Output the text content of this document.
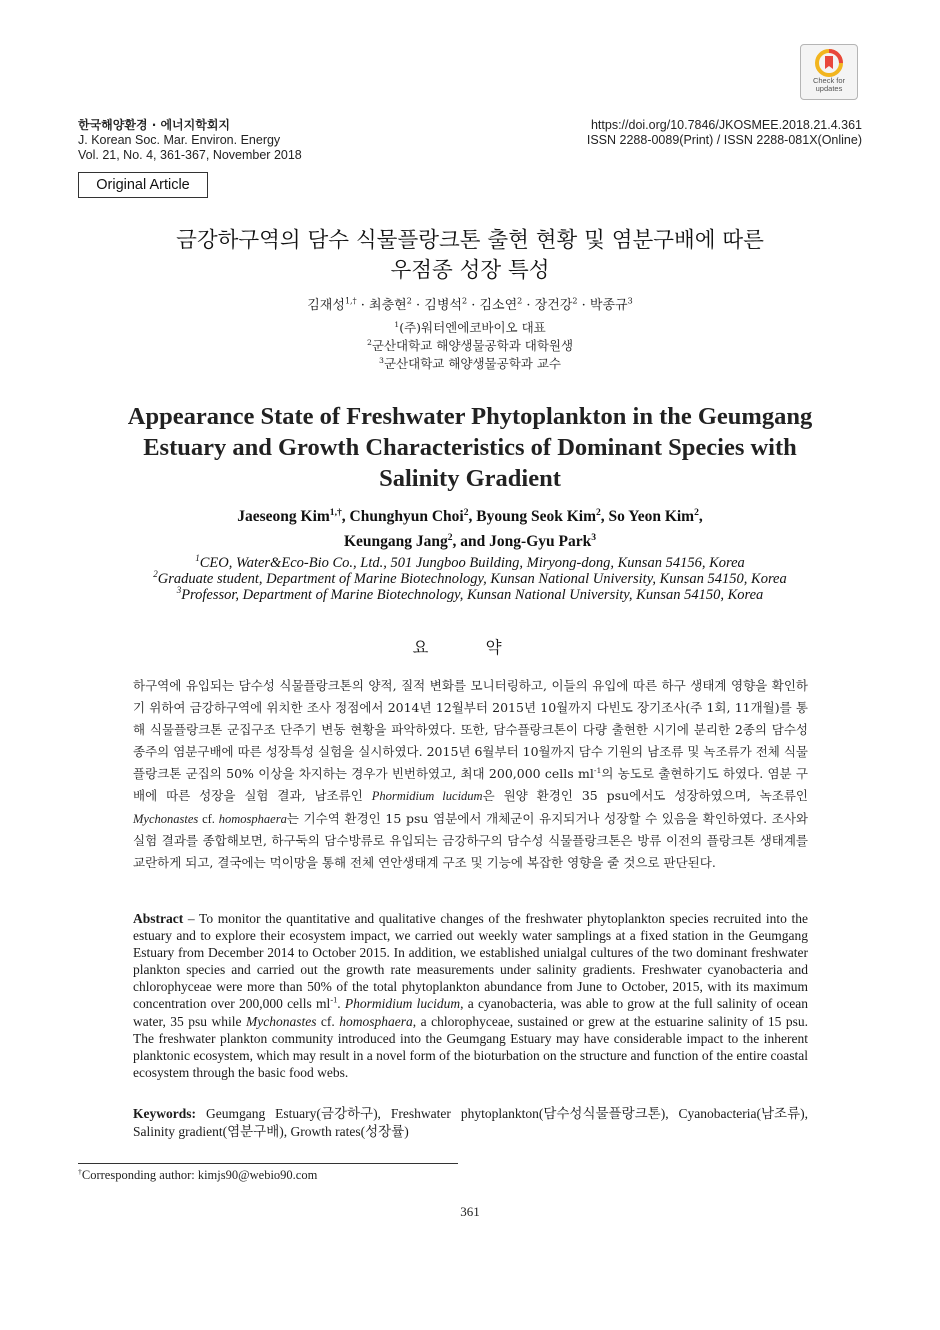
Check for
updates
한국해양환경 · 에너지학회지
J. Korean Soc. Mar. Environ. Energy
Vol. 21, No. 4, 361-367, November 2018
https://doi.org/10.7846/JKOSMEE.2018.21.4.361
ISSN 2288-0089(Print) / ISSN 2288-081X(Online)
Original Article
금강하구역의 담수 식물플랑크톤 출현 현황 및 염분구배에 따른
우점종 성장 특성
김재성$^{1,\dagger}$ · 최충현$^2$ · 김병석$^2$ · 김소연$^2$ · 장건강$^2$ · 박종규$^3$
$^1$(주)워터엔에코바이오 대표
$^2$군산대학교 해양생물공학과 대학원생
$^3$군산대학교 해양생물공학과 교수
Appearance State of Freshwater Phytoplankton in the Geumgang
Estuary and Growth Characteristics of Dominant Species with
Salinity Gradient
Jaeseong Kim$^{1,\dagger}$, Chunghyun Choi$^2$, Byoung Seok Kim$^2$, So Yeon Kim$^2$,
Keungang Jang$^2$, and Jong-Gyu Park$^3$
$^1$CEO, Water&Eco-Bio Co., Ltd., 501 Jungboo Building, Miryong-dong, Kunsan 54156, Korea
$^2$Graduate student, Department of Marine Biotechnology, Kunsan National University, Kunsan 54150, Korea
$^3$Professor, Department of Marine Biotechnology, Kunsan National University, Kunsan 54150, Korea
요 약
하구역에 유입되는 담수성 식물플랑크톤의 양적, 질적 변화를 모니터링하고, 이들의 유입에 따른 하구 생태계 영향을 확인하기 위하여 금강하구역에 위치한 조사 정점에서 2014년 12월부터 2015년 10월까지 다빈도 장기조사(주 1회, 11개월)를 통해 식물플랑크톤 군집구조 단주기 변동 현황을 파악하였다. 또한, 담수플랑크톤이 다량 출현한 시기에 분리한 2종의 담수성 종주의 염분구배에 따른 성장특성 실험을 실시하였다. 2015년 6월부터 10월까지 담수 기원의 남조류 및 녹조류가 전체 식물플랑크톤 군집의 50% 이상을 차지하는 경우가 빈번하였고, 최대 200,000 cells $ml^{-1}$의 농도로 출현하기도 하였다. 염분 구배에 따른 성장을 실험 결과, 남조류인 Phormidium lucidum은 원양 환경인 35 psu에서도 성장하였으며, 녹조류인 Mychonastes cf. homosphaera는 기수역 환경인 15 psu 염분에서 개체군이 유지되거나 성장할 수 있음을 확인하였다. 조사와 실험 결과를 종합해보면, 하구둑의 담수방류로 유입되는 금강하구의 담수성 식물플랑크톤은 방류 이전의 플랑크톤 생태계를 교란하게 되고, 결국에는 먹이망을 통해 전체 연안생태계 구조 및 기능에 복잡한 영향을 줄 것으로 판단된다.
Abstract – To monitor the quantitative and qualitative changes of the freshwater phytoplankton species recruited into the estuary and to explore their ecosystem impact, we carried out weekly water samplings at a fixed station in the Geumgang Estuary from December 2014 to October 2015. In addition, we established unialgal cultures of the two dominant freshwater plankton species and carried out the growth rate measurements under salinity gradients. Freshwater cyanobacteria and chlorophyceae were more than 50% of the total phytoplankton abundance from June to October, 2015, with its maximum concentration over 200,000 cells $ml^{-1}$. Phormidium lucidum, a cyanobacteria, was able to grow at the full salinity of ocean water, 35 psu while Mychonastes cf. homosphaera, a chlorophyceae, sustained or grew at the estuarine salinity of 15 psu. The freshwater plankton community introduced into the Geumgang Estuary may have considerable impact to the inherent planktonic ecosystem, which may result in a novel form of the bioturbation on the structure and function of the entire coastal ecosystem through the basic food webs.
Keywords: Geumgang Estuary(금강하구), Freshwater phytoplankton(담수성식물플랑크톤), Cyanobacteria(남조류), Salinity gradient(염분구배), Growth rates(성장률)
†Corresponding author: kimjs90@webio90.com
361
